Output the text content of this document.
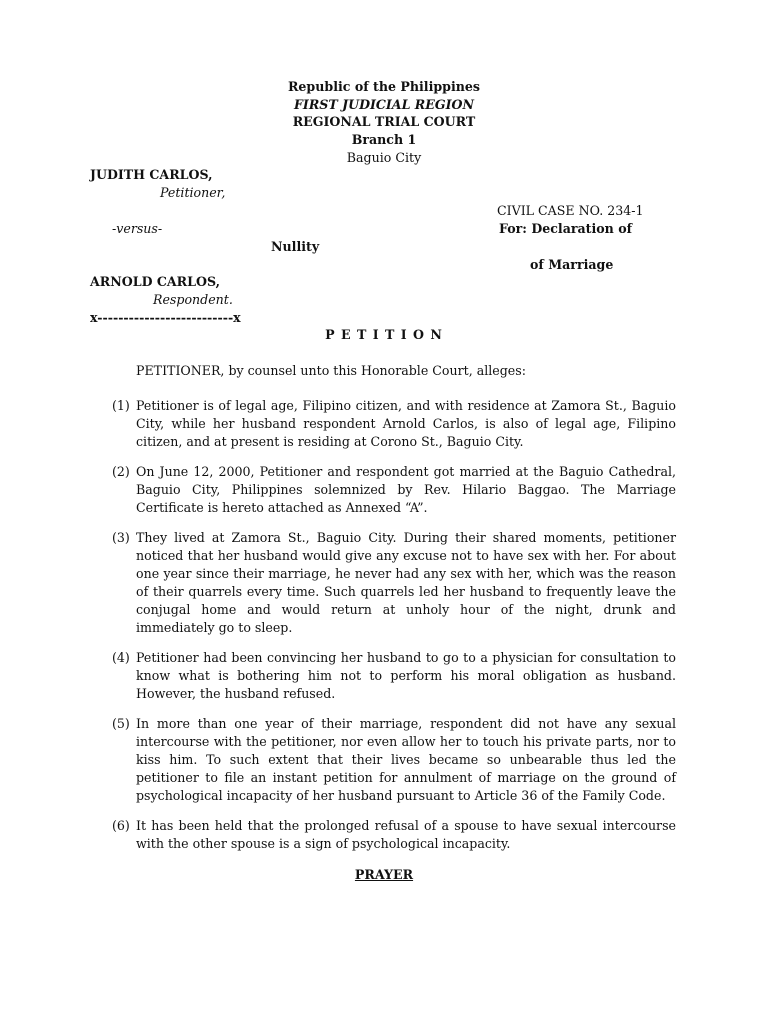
Republic of the Philippines
FIRST JUDICIAL REGION
REGIONAL TRIAL COURT
Branch 1
Baguio City
JUDITH CARLOS,
Petitioner,
CIVIL CASE NO. 234-1
-versus-	For: Declaration of
Nullity
of Marriage
ARNOLD CARLOS,
Respondent.
x--------------------------x
P E T I T I O N
PETITIONER, by counsel unto this Honorable Court, alleges:
(1) Petitioner is of legal age, Filipino citizen, and with residence at Zamora St., Baguio City, while her husband respondent Arnold Carlos, is also of legal age, Filipino citizen, and at present is residing at Corono St., Baguio City.
(2) On June 12, 2000, Petitioner and respondent got married at the Baguio Cathedral, Baguio City, Philippines solemnized by Rev. Hilario Baggao. The Marriage Certificate is hereto attached as Annexed “A”.
(3) They lived at Zamora St., Baguio City. During their shared moments, petitioner noticed that her husband would give any excuse not to have sex with her. For about one year since their marriage, he never had any sex with her, which was the reason of their quarrels every time. Such quarrels led her husband to frequently leave the conjugal home and would return at unholy hour of the night, drunk and immediately go to sleep.
(4) Petitioner had been convincing her husband to go to a physician for consultation to know what is bothering him not to perform his moral obligation as husband. However, the husband refused.
(5) In more than one year of their marriage, respondent did not have any sexual intercourse with the petitioner, nor even allow her to touch his private parts, nor to kiss him. To such extent that their lives became so unbearable thus led the petitioner to file an instant petition for annulment of marriage on the ground of psychological incapacity of her husband pursuant to Article 36 of the Family Code.
(6) It has been held that the prolonged refusal of a spouse to have sexual intercourse with the other spouse is a sign of psychological incapacity.
PRAYER
